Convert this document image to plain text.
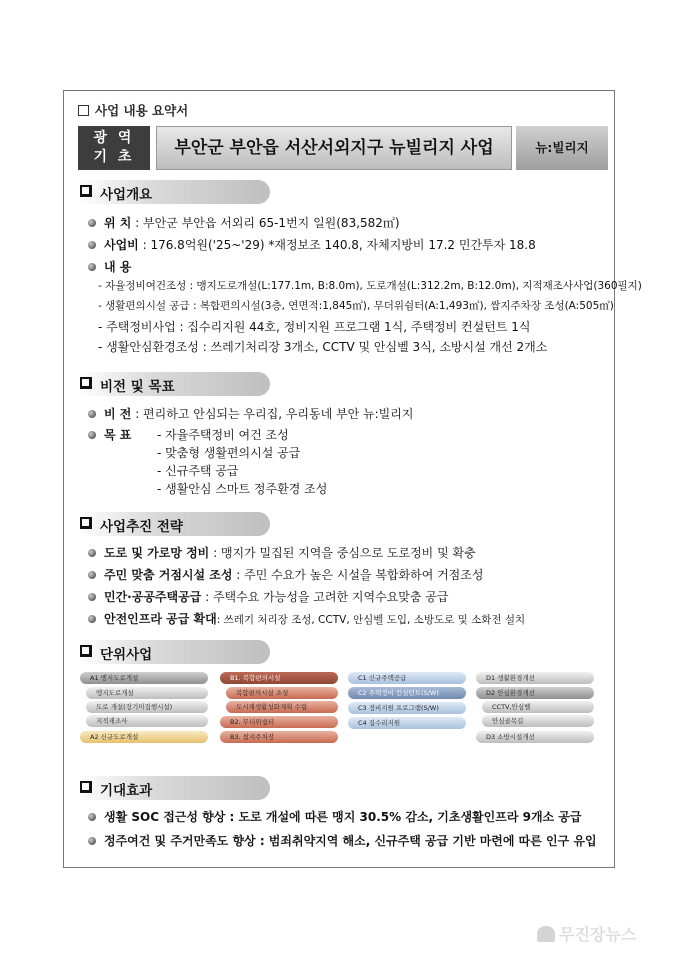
사업 내용 요약서
광 역
기 초	부안군 부안읍 서산서외지구 뉴빌리지 사업	뉴:빌리지
사업개요
위 치 : 부안군 부안읍 서외리 65-1번지 일원(83,582㎡)
사업비 : 176.8억원('25~'29) *재정보조 140.8, 자체지방비 17.2 민간투자 18.8
내 용
- 자율정비여건조성 : 맹지도로개설(L:177.1m, B:8.0m), 도로개설(L:312.2m, B:12.0m), 지적재조사사업(360필지)
- 생활편의시설 공급 : 복합편의시설(3층, 연면적:1,845㎡), 무더위쉼터(A:1,493㎡), 쌈지주차장 조성(A:505㎡)
- 주택정비사업 : 집수리지원 44호, 정비지원 프로그램 1식, 주택정비 컨설턴트 1식
- 생활안심환경조성 : 쓰레기처리장 3개소, CCTV 및 안심벨 3식, 소방시설 개선 2개소
비전 및 목표
비 전 : 편리하고 안심되는 우리집, 우리동네 부안 뉴:빌리지
목 표 - 자율주택정비 여건 조성
- 맞춤형 생활편의시설 공급
- 신규주택 공급
- 생활안심 스마트 정주환경 조성
사업추진 전략
도로 및 가로망 정비 : 맹지가 밀집된 지역을 중심으로 도로정비 및 확충
주민 맞춤 거점시설 조성 : 주민 수요가 높은 시설을 복합화하여 거점조성
민간·공공주택공급 : 주택수요 가능성을 고려한 지역수요맞춤 공급
안전인프라 공급 확대: 쓰레기 처리장 조성, CCTV, 안심벨 도입, 소방도로 및 소화전 설치
단위사업
A1 맹지도로개설
맹지도로개설
도로 개설(장기미집행시설)
지적재조사
A2 신규도로개설
B1. 복합편의시설
복합편의시설 조성
도시재생활성화계획 수립
B2. 무더위쉼터
B3. 쌈지주차장
C1 신규주택공급
C2 주택정비 컨설턴트(S/W)
C3 정비지원 프로그램(S/W)
C4 집수리지원
D1 생활환경개선
D2 안심환경개선
CCTV,안심벨
안심골목길
D3 소방시설개선
기대효과
생활 SOC 접근성 향상 : 도로 개설에 따른 맹지 30.5% 감소, 기초생활인프라 9개소 공급
정주여건 및 주거만족도 향상 : 범죄취약지역 해소, 신규주택 공급 기반 마련에 따른 인구 유입
무진장뉴스
